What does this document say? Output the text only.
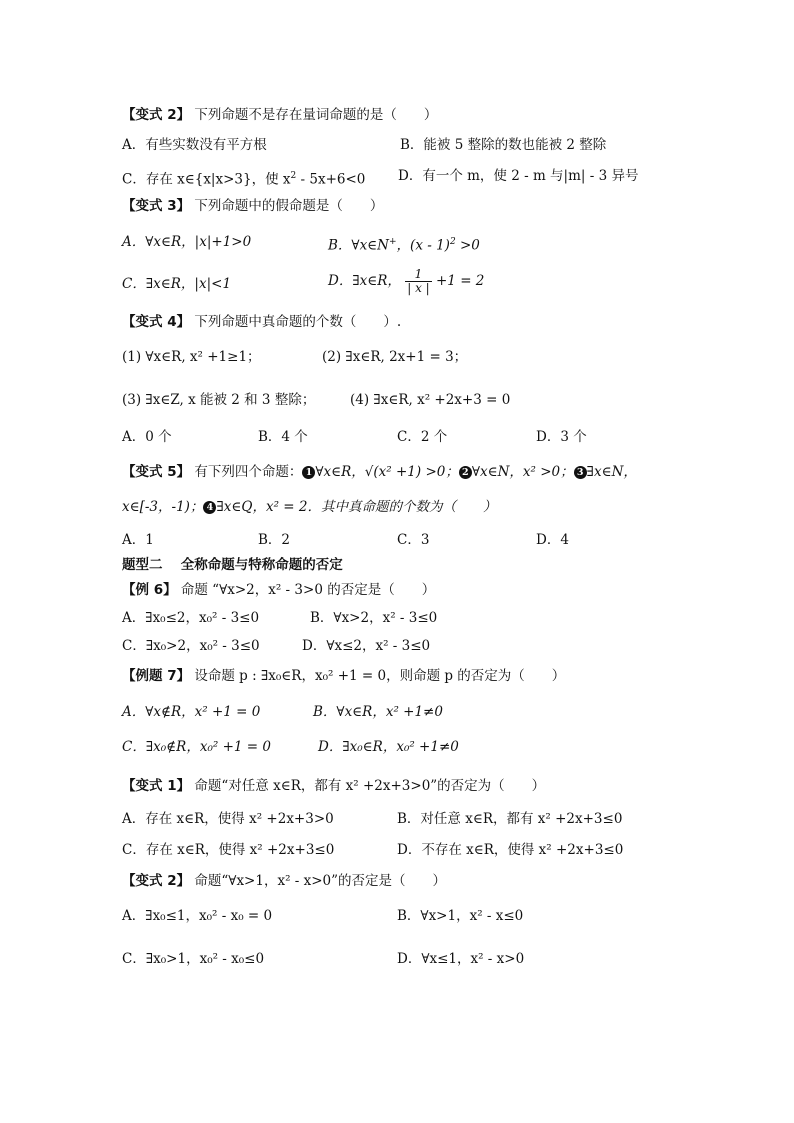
【变式 2】 下列命题不是存在量词命题的是（　　）
A．有些实数没有平方根	B．能被 5 整除的数也能被 2 整除
C．存在 x∈{x|x>3}，使 $x^2 - 5x+6<0$ D．有一个 m，使 2 - m 与|m| - 3 异号
【变式 3】 下列命题中的假命题是（　　）
A．∀x∈R，|x|+1>0	B．∀x∈N+，(x - 1)$^2$ >0
C．∃x∈R，|x|<1	D．∃x∈R， $\frac{1}{| x |} +1 = 2$
【变式 4】 下列命题中真命题的个数（　　）.
(1) ∀x∈R, x² +1≥1；	(2) ∃x∈R, 2x+1 = 3；
(3) ∃x∈Z, x 能被 2 和 3 整除；	(4) ∃x∈R, x² +2x+3 = 0
A．0 个	B．4 个	C．2 个	D．3 个
【变式 5】 有下列四个命题： 1 ∀x∈R，√(x² +1) >0； 2 ∀x∈N，x² >0； 3 ∃x∈N，
x∈[-3，-1)； 4 ∃x∈Q，x² = 2．其中真命题的个数为（　　）
A．1	B．2	C．3	D．4
题型二　 全称命题与特称命题的否定
【例 6】 命题 “∀x>2，x² - 3>0 的否定是（　　）
A．∃x₀≤2，x₀² - 3≤0	B．∀x>2，x² - 3≤0
C．∃x₀>2，x₀² - 3≤0	D．∀x≤2，x² - 3≤0
【例题 7】 设命题 p : ∃x₀∈R，x₀² +1 = 0，则命题 p 的否定为（　　）
A．∀x∉R，x² +1 = 0	B．∀x∈R，x² +1≠0
C．∃x₀∉R，x₀² +1 = 0	D．∃x₀∈R，x₀² +1≠0
【变式 1】 命题“对任意 x∈R，都有 x² +2x+3>0”的否定为（　　）
A．存在 x∈R，使得 x² +2x+3>0	B．对任意 x∈R，都有 x² +2x+3≤0
C．存在 x∈R，使得 x² +2x+3≤0	D．不存在 x∈R，使得 x² +2x+3≤0
【变式 2】 命题“∀x>1，x² - x>0”的否定是（　　）
A．∃x₀≤1，x₀² - x₀ = 0	B．∀x>1，x² - x≤0
C．∃x₀>1，x₀² - x₀≤0	D．∀x≤1，x² - x>0
